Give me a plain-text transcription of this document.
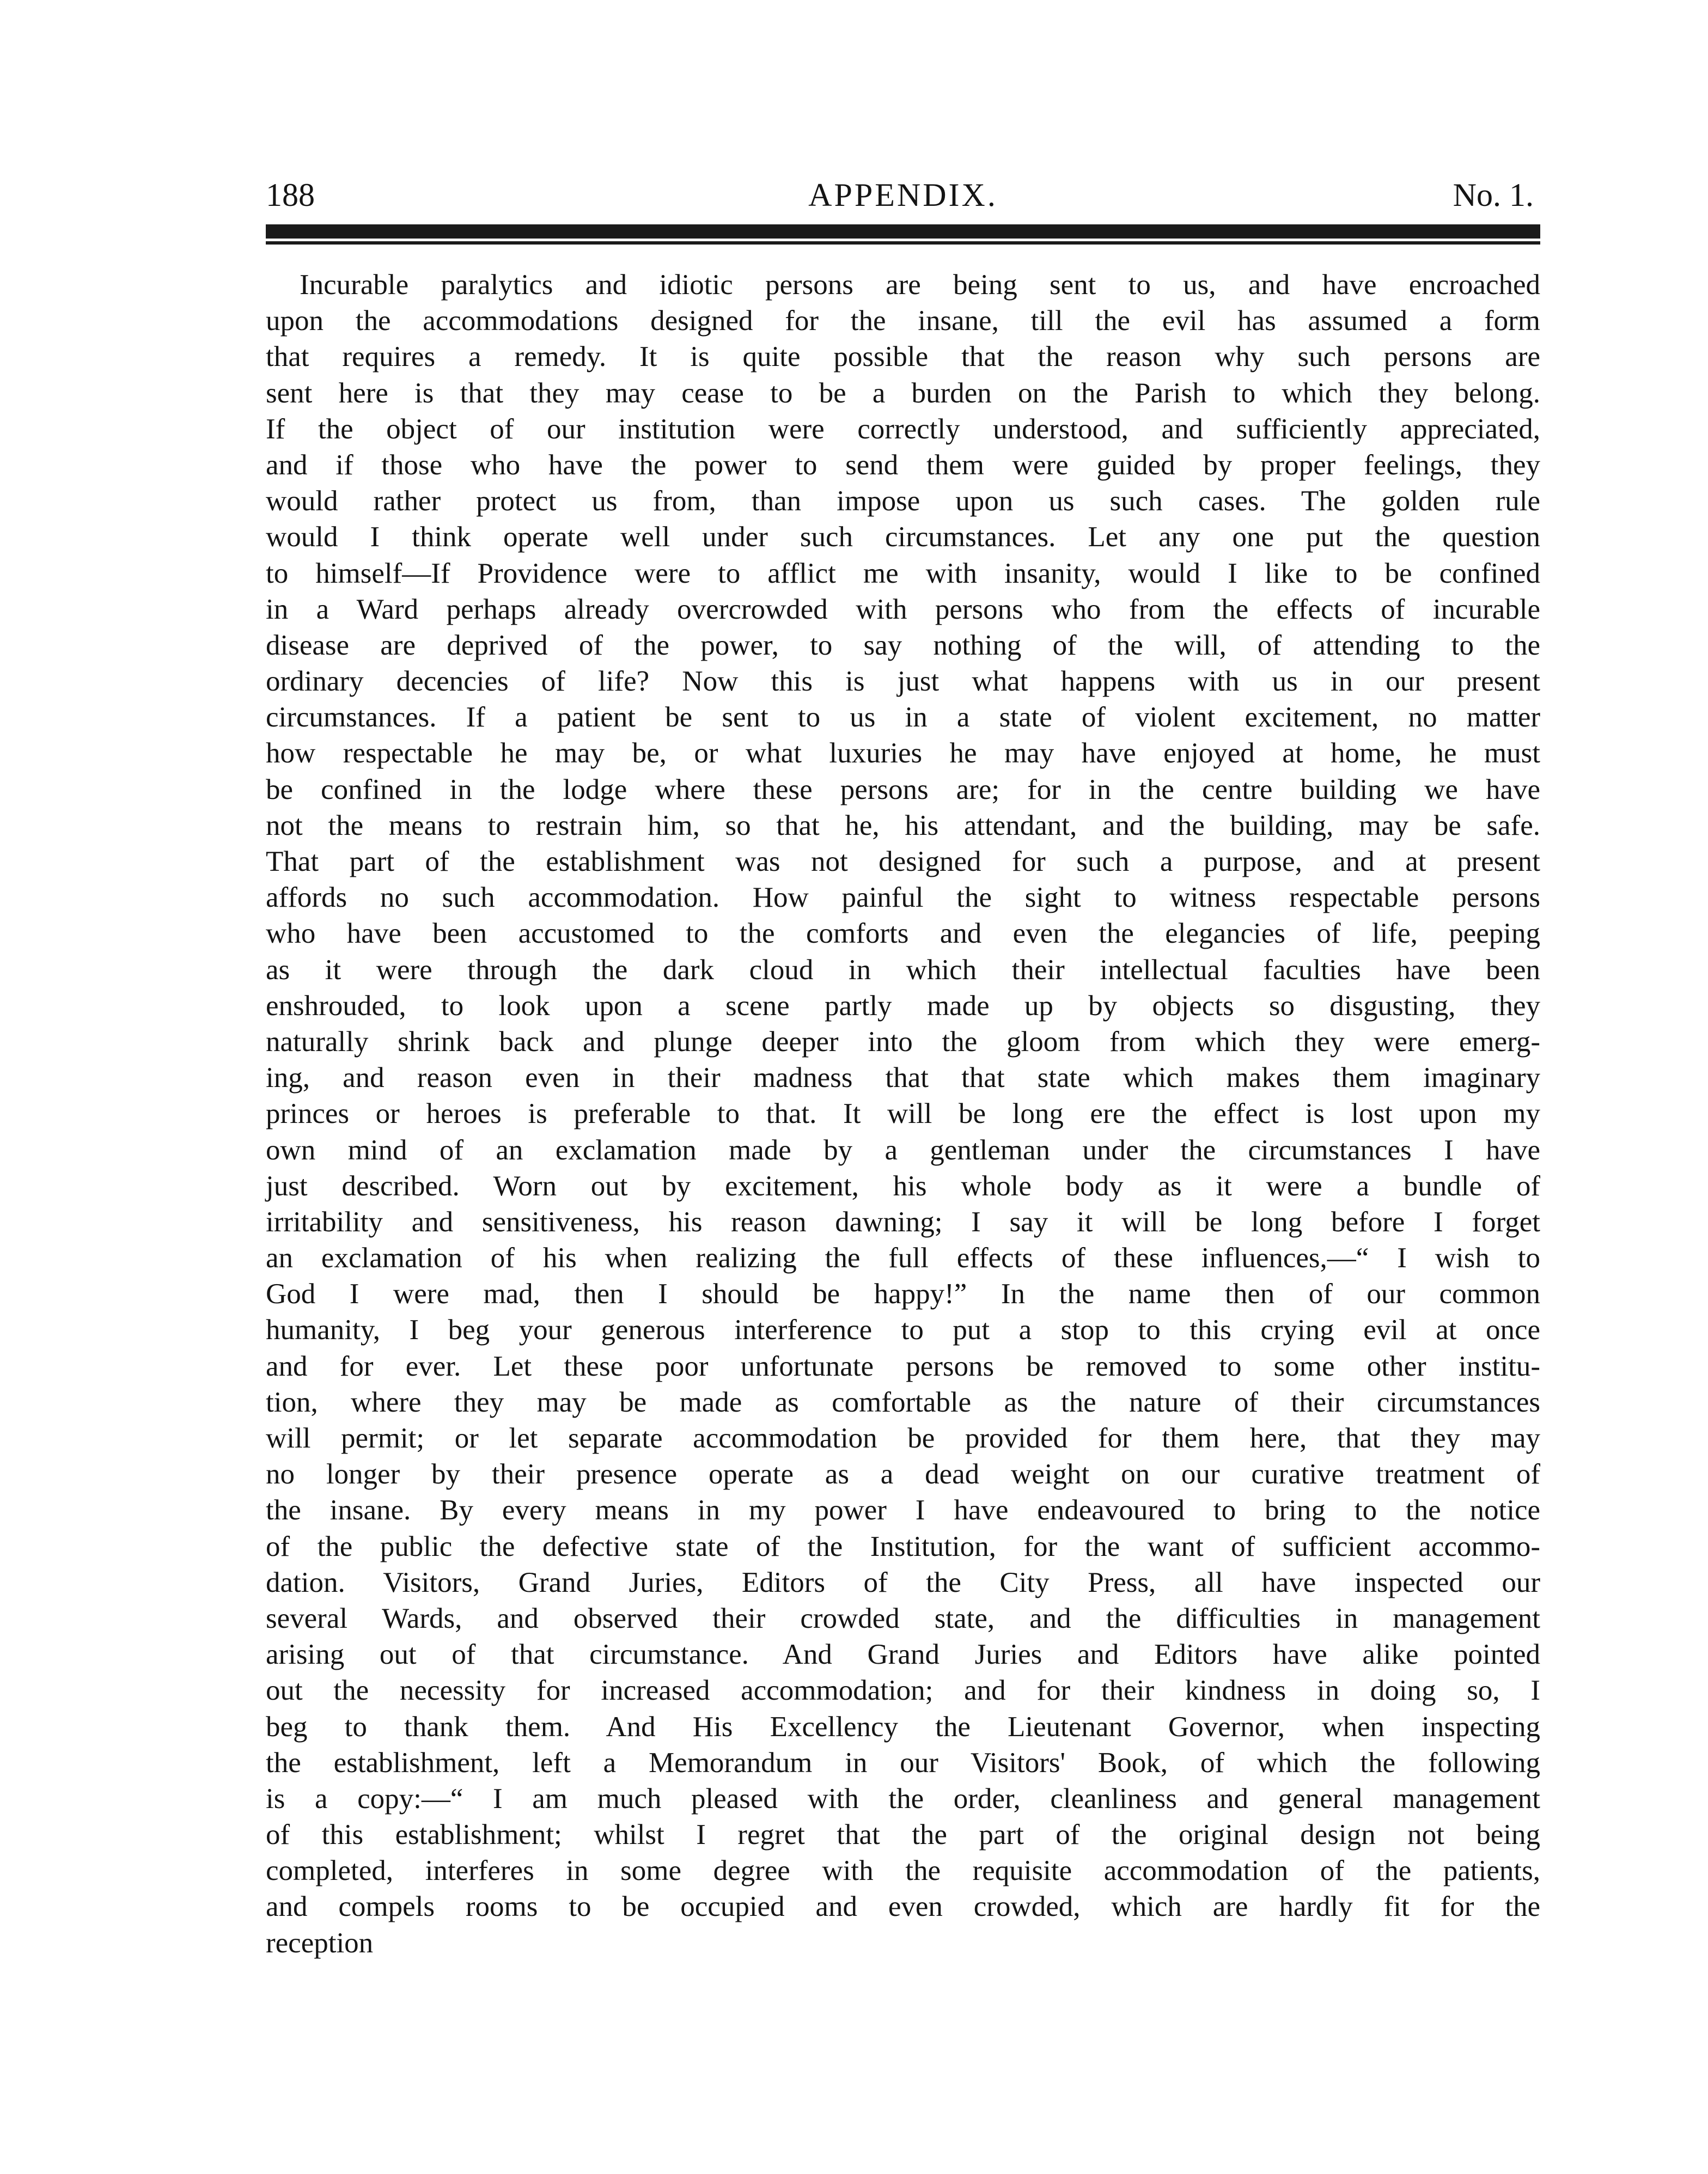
188	APPENDIX.	No. 1.
Incurable paralytics and idiotic persons are being sent to us, and have encroached
upon the accommodations designed for the insane, till the evil has assumed a form
that requires a remedy. It is quite possible that the reason why such persons are
sent here is that they may cease to be a burden on the Parish to which they belong.
If the object of our institution were correctly understood, and sufficiently appreciated,
and if those who have the power to send them were guided by proper feelings, they
would rather protect us from, than impose upon us such cases. The golden rule
would I think operate well under such circumstances. Let any one put the question
to himself—If Providence were to afflict me with insanity, would I like to be confined
in a Ward perhaps already overcrowded with persons who from the effects of incurable
disease are deprived of the power, to say nothing of the will, of attending to the
ordinary decencies of life? Now this is just what happens with us in our present
circumstances. If a patient be sent to us in a state of violent excitement, no matter
how respectable he may be, or what luxuries he may have enjoyed at home, he must
be confined in the lodge where these persons are; for in the centre building we have
not the means to restrain him, so that he, his attendant, and the building, may be safe.
That part of the establishment was not designed for such a purpose, and at present
affords no such accommodation. How painful the sight to witness respectable persons
who have been accustomed to the comforts and even the elegancies of life, peeping
as it were through the dark cloud in which their intellectual faculties have been
enshrouded, to look upon a scene partly made up by objects so disgusting, they
naturally shrink back and plunge deeper into the gloom from which they were emerg-
ing, and reason even in their madness that that state which makes them imaginary
princes or heroes is preferable to that. It will be long ere the effect is lost upon my
own mind of an exclamation made by a gentleman under the circumstances I have
just described. Worn out by excitement, his whole body as it were a bundle of
irritability and sensitiveness, his reason dawning; I say it will be long before I forget
an exclamation of his when realizing the full effects of these influences,—“ I wish to
God I were mad, then I should be happy!” In the name then of our common
humanity, I beg your generous interference to put a stop to this crying evil at once
and for ever. Let these poor unfortunate persons be removed to some other institu-
tion, where they may be made as comfortable as the nature of their circumstances
will permit; or let separate accommodation be provided for them here, that they may
no longer by their presence operate as a dead weight on our curative treatment of
the insane. By every means in my power I have endeavoured to bring to the notice
of the public the defective state of the Institution, for the want of sufficient accommo-
dation. Visitors, Grand Juries, Editors of the City Press, all have inspected our
several Wards, and observed their crowded state, and the difficulties in management
arising out of that circumstance. And Grand Juries and Editors have alike pointed
out the necessity for increased accommodation; and for their kindness in doing so, I
beg to thank them. And His Excellency the Lieutenant Governor, when inspecting
the establishment, left a Memorandum in our Visitors' Book, of which the following
is a copy:—“ I am much pleased with the order, cleanliness and general management
of this establishment; whilst I regret that the part of the original design not being
completed, interferes in some degree with the requisite accommodation of the patients,
and compels rooms to be occupied and even crowded, which are hardly fit for the
reception
